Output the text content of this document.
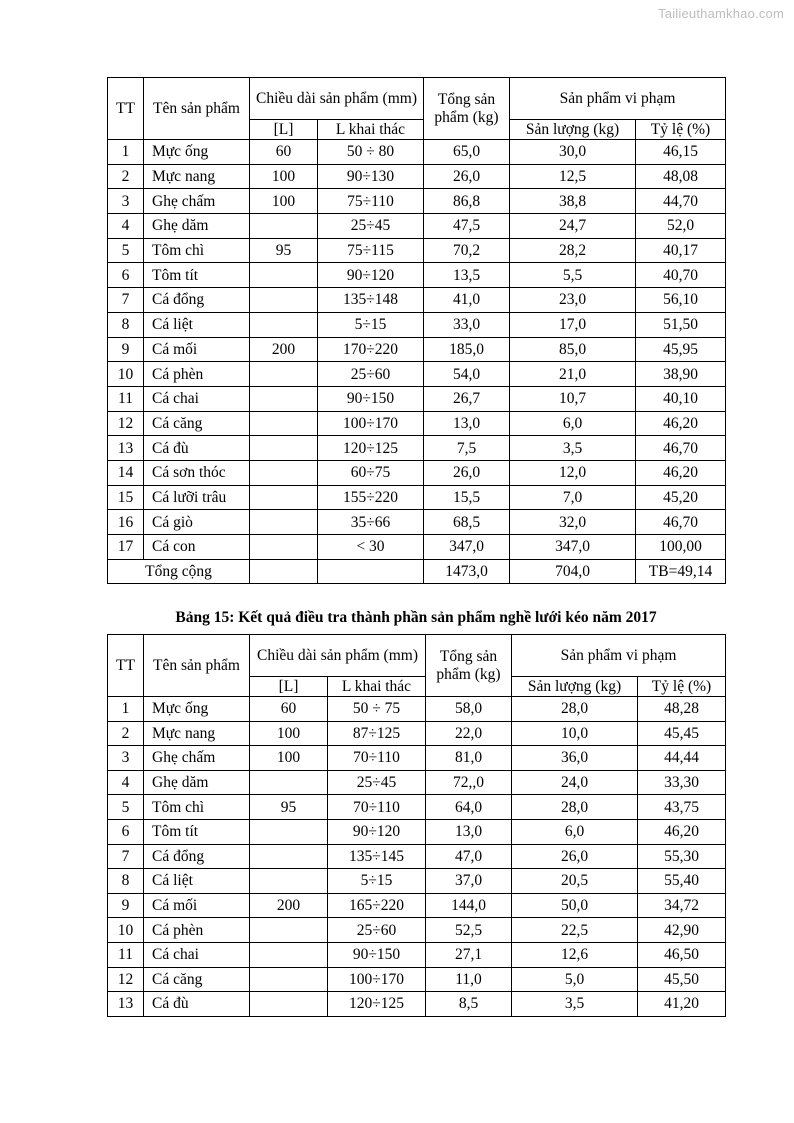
Tailieuthamkhao.com
TT	Tên sản phẩm	Chiều dài sản phẩm (mm)		Tổng sản phẩm (kg)	Sản phẩm vi phạm	
		[L]	L khai thác		Sản lượng (kg)	Tỷ lệ (%)
1	Mực ống	60	50 ÷ 80	65,0	30,0	46,15
2	Mực nang	100	90÷130	26,0	12,5	48,08
3	Ghẹ chấm	100	75÷110	86,8	38,8	44,70
4	Ghẹ dăm		25÷45	47,5	24,7	52,0
5	Tôm chì	95	75÷115	70,2	28,2	40,17
6	Tôm tít		90÷120	13,5	5,5	40,70
7	Cá đổng		135÷148	41,0	23,0	56,10
8	Cá liệt		5÷15	33,0	17,0	51,50
9	Cá mối	200	170÷220	185,0	85,0	45,95
10	Cá phèn		25÷60	54,0	21,0	38,90
11	Cá chai		90÷150	26,7	10,7	40,10
12	Cá căng		100÷170	13,0	6,0	46,20
13	Cá đù		120÷125	7,5	3,5	46,70
14	Cá sơn thóc		60÷75	26,0	12,0	46,20
15	Cá lưỡi trâu		155÷220	15,5	7,0	45,20
16	Cá giò		35÷66	68,5	32,0	46,70
17	Cá con		< 30	347,0	347,0	100,00
Tổng cộng				1473,0	704,0	TB=49,14
Bảng 15: Kết quả điều tra thành phần sản phẩm nghề lưới kéo năm 2017
TT	Tên sản phẩm	Chiều dài sản phẩm (mm)		Tổng sản phẩm (kg)	Sản phẩm vi phạm	
		[L]	L khai thác		Sản lượng (kg)	Tỷ lệ (%)
1	Mực ống	60	50 ÷ 75	58,0	28,0	48,28
2	Mực nang	100	87÷125	22,0	10,0	45,45
3	Ghẹ chấm	100	70÷110	81,0	36,0	44,44
4	Ghẹ dăm		25÷45	72,,0	24,0	33,30
5	Tôm chì	95	70÷110	64,0	28,0	43,75
6	Tôm tít		90÷120	13,0	6,0	46,20
7	Cá đổng		135÷145	47,0	26,0	55,30
8	Cá liệt		5÷15	37,0	20,5	55,40
9	Cá mối	200	165÷220	144,0	50,0	34,72
10	Cá phèn		25÷60	52,5	22,5	42,90
11	Cá chai		90÷150	27,1	12,6	46,50
12	Cá căng		100÷170	11,0	5,0	45,50
13	Cá đù		120÷125	8,5	3,5	41,20
